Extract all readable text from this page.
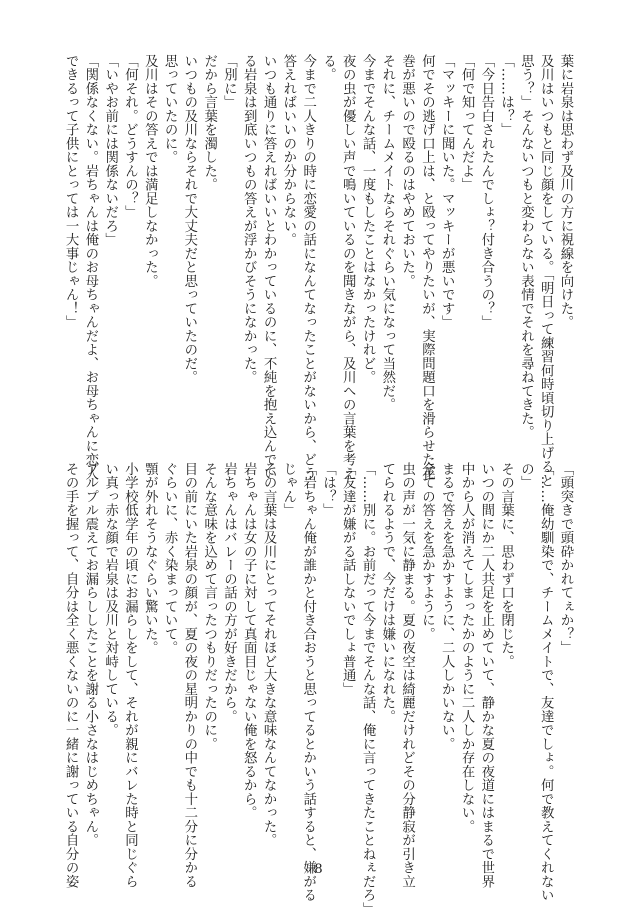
葉に岩泉は思わず及川の方に視線を向けた。
及川はいつもと同じ顔をしている。「明日って練習何時頃切り上げると
思う？」そんないつもと変わらない表情でそれを尋ねてきた。
「……は？」
「今日告白されたんでしょ？付き合うの？」
「何で知ってんだよ」
「マッキーに聞いた。マッキーが悪いです」
何でその逃げ口上は、と殴ってやりたいが、実際問題口を滑らせた花
巻が悪いので殴るのはやめておいた。
それに、チームメイトならそれぐらい気になって当然だ。
今までそんな話、一度もしたことはなかったけれど。
夜の虫が優しい声で鳴いているのを聞きながら、及川への言葉を考え
る。
今まで二人きりの時に恋愛の話になんてなったことがないから、どう
答えればいいのか分からない。
いつも通りに答えればいいとわかっているのに、不純を抱え込んでい
る岩泉は到底いつもの答えが浮かびそうになかった。
「別に」
だから言葉を濁した。
いつもの及川ならそれで大丈夫だと思っていたのだ。
思っていたのに。
及川はその答えでは満足しなかった。
「何それ。どうすんの？」
「いやお前には関係ないだろ」
「関係なくない。岩ちゃんは俺のお母ちゃんだよ、お母ちゃんに恋人
できるって子供にとっては一大事じゃん！」
「頭突きで頭砕かれてぇか？」
「……俺幼馴染で、チームメイトで、友達でしょ。何で教えてくれない
の」
その言葉に、思わず口を閉じた。
いつの間にか二人共足を止めていて、静かな夏の夜道にはまるで世界
中から人が消えてしまったかのように二人しか存在しない。
まるで答えを急かすように、二人しかいない。
全ての答えを急かすように。
虫の声が一気に静まる。夏の夜空は綺麗だけれどその分静寂が引き立
てられるようで、今だけは嫌いになれた。
「……別に。お前だって今までそんな話、俺に言ってきたことねぇだろ」
「友達が嫌がる話しないでしょ普通」
「は？」
「岩ちゃん俺が誰かと付き合おうと思ってるとかいう話すると、嫌がる
じゃん」
その言葉は及川にとってそれほど大きな意味なんてなかった。
岩ちゃんは女の子に対して真面目じゃない俺を怒るから。
岩ちゃんはバレーの話の方が好きだから。
そんな意味を込めて言ったつもりだったのに。
目の前にいた岩泉の顔が、夏の夜の星明かりの中でも十二分に分かる
ぐらいに、赤く染まっていて。
顎が外れそうなぐらい驚いた。
小学校低学年の頃にお漏らしをして、それが親にバレた時と同じぐら
い真っ赤な顔で岩泉は及川と対峙している。
プルプル震えてお漏らししたことを謝る小さなはじめちゃん。
その手を握って、自分は全く悪くないのに一緒に謝っている自分の姿	8
